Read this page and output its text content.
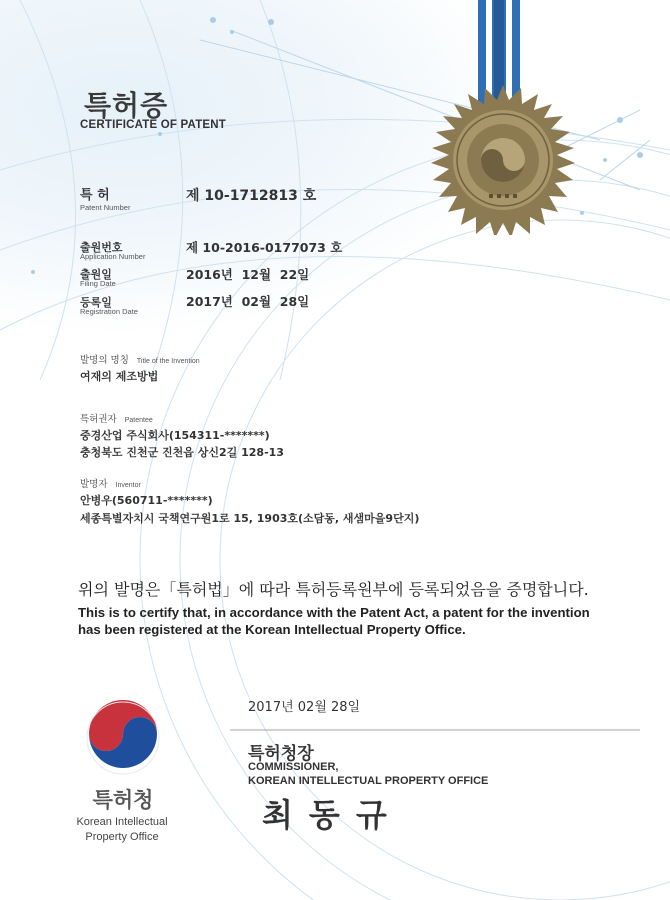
특허증
CERTIFICATE OF PATENT
특 허
Patent Number
제 10-1712813 호
출원번호
Application Number
제 10-2016-0177073 호
출원일
Filing Date
2016년  12월  22일
등록일
Registration Date
2017년  02월  28일
발명의 명칭 Title of the Invention
여재의 제조방법
특허권자 Patentee
중경산업 주식회사(154311-*******)
충청북도 진천군 진천읍 상신2길 128-13
발명자 Inventor
안병우(560711-*******)
세종특별자치시 국책연구원1로 15, 1903호(소담동, 새샘마을9단지)
위의 발명은「특허법」에 따라 특허등록원부에 등록되었음을 증명합니다.
This is to certify that, in accordance with the Patent Act, a patent for the invention
has been registered at the Korean Intellectual Property Office.
2017년 02월 28일
특허청장
COMMISSIONER,
KOREAN INTELLECTUAL PROPERTY OFFICE
최동규
특허청
Korean Intellectual
Property Office
